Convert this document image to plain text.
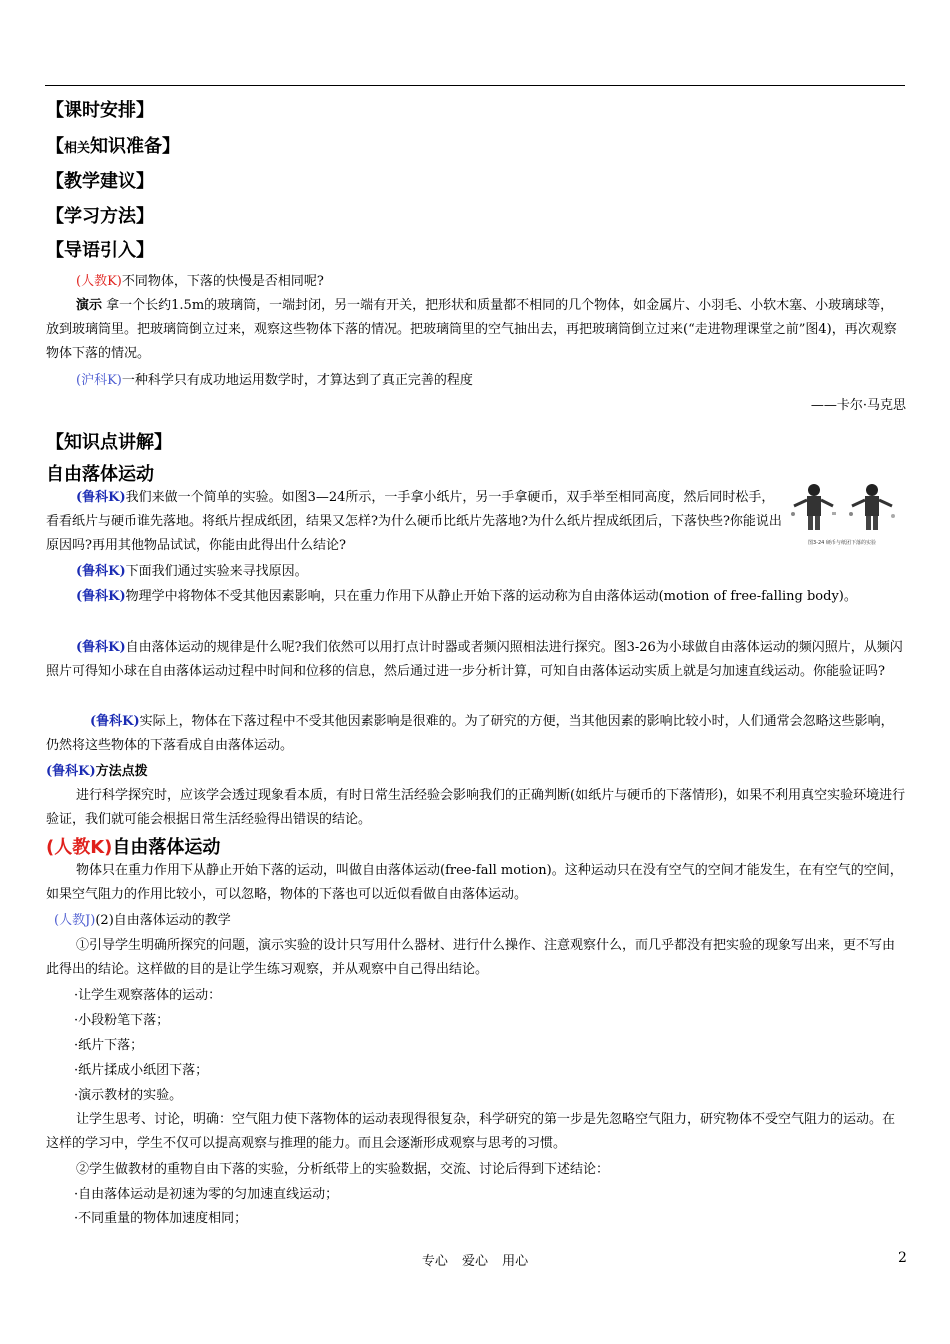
【课时安排】
【相关知识准备】
【教学建议】
【学习方法】
【导语引入】
(人教K)不同物体，下落的快慢是否相同呢?
演示 拿一个长约1.5m的玻璃筒，一端封闭，另一端有开关，把形状和质量都不相同的几个物体，如金属片、小羽毛、小软木塞、小玻璃球等，放到玻璃筒里。把玻璃筒倒立过来，观察这些物体下落的情况。把玻璃筒里的空气抽出去，再把玻璃筒倒立过来(“走进物理课堂之前”图4)，再次观察物体下落的情况。
(沪科K)一种科学只有成功地运用数学时，才算达到了真正完善的程度
——卡尔·马克思
【知识点讲解】
自由落体运动
(鲁科K)我们来做一个简单的实验。如图3—24所示，一手拿小纸片，另一手拿硬币，双手举至相同高度，然后同时松手，看看纸片与硬币谁先落地。将纸片捏成纸团，结果又怎样?为什么硬币比纸片先落地?为什么纸片捏成纸团后，下落快些?你能说出原因吗?再用其他物品试试，你能由此得出什么结论?	图3-24 硬币与纸团下落的实验
(鲁科K)下面我们通过实验来寻找原因。
(鲁科K)物理学中将物体不受其他因素影响，只在重力作用下从静止开始下落的运动称为自由落体运动(motion of free-falling body)。
(鲁科K)自由落体运动的规律是什么呢?我们依然可以用打点计时器或者频闪照相法进行探究。图3-26为小球做自由落体运动的频闪照片，从频闪照片可得知小球在自由落体运动过程中时间和位移的信息，然后通过进一步分析计算，可知自由落体运动实质上就是匀加速直线运动。你能验证吗?
(鲁科K)实际上，物体在下落过程中不受其他因素影响是很难的。为了研究的方便，当其他因素的影响比较小时，人们通常会忽略这些影响，仍然将这些物体的下落看成自由落体运动。
(鲁科K)方法点拨
进行科学探究时，应该学会透过现象看本质，有时日常生活经验会影响我们的正确判断(如纸片与硬币的下落情形)，如果不利用真空实验环境进行验证，我们就可能会根据日常生活经验得出错误的结论。
(人教K)自由落体运动
物体只在重力作用下从静止开始下落的运动，叫做自由落体运动(free-fall motion)。这种运动只在没有空气的空间才能发生，在有空气的空间，如果空气阻力的作用比较小，可以忽略，物体的下落也可以近似看做自由落体运动。
(人教J)(2)自由落体运动的教学
①引导学生明确所探究的问题，演示实验的设计只写用什么器材、进行什么操作、注意观察什么，而几乎都没有把实验的现象写出来，更不写由此得出的结论。这样做的目的是让学生练习观察，并从观察中自己得出结论。
·让学生观察落体的运动：
·小段粉笔下落；
·纸片下落；
·纸片揉成小纸团下落；
·演示教材的实验。
让学生思考、讨论，明确：空气阻力使下落物体的运动表现得很复杂，科学研究的第一步是先忽略空气阻力，研究物体不受空气阻力的运动。在这样的学习中，学生不仅可以提高观察与推理的能力。而且会逐渐形成观察与思考的习惯。
②学生做教材的重物自由下落的实验，分析纸带上的实验数据，交流、讨论后得到下述结论：
·自由落体运动是初速为零的匀加速直线运动；
·不同重量的物体加速度相同；
专心 爱心 用心	2
